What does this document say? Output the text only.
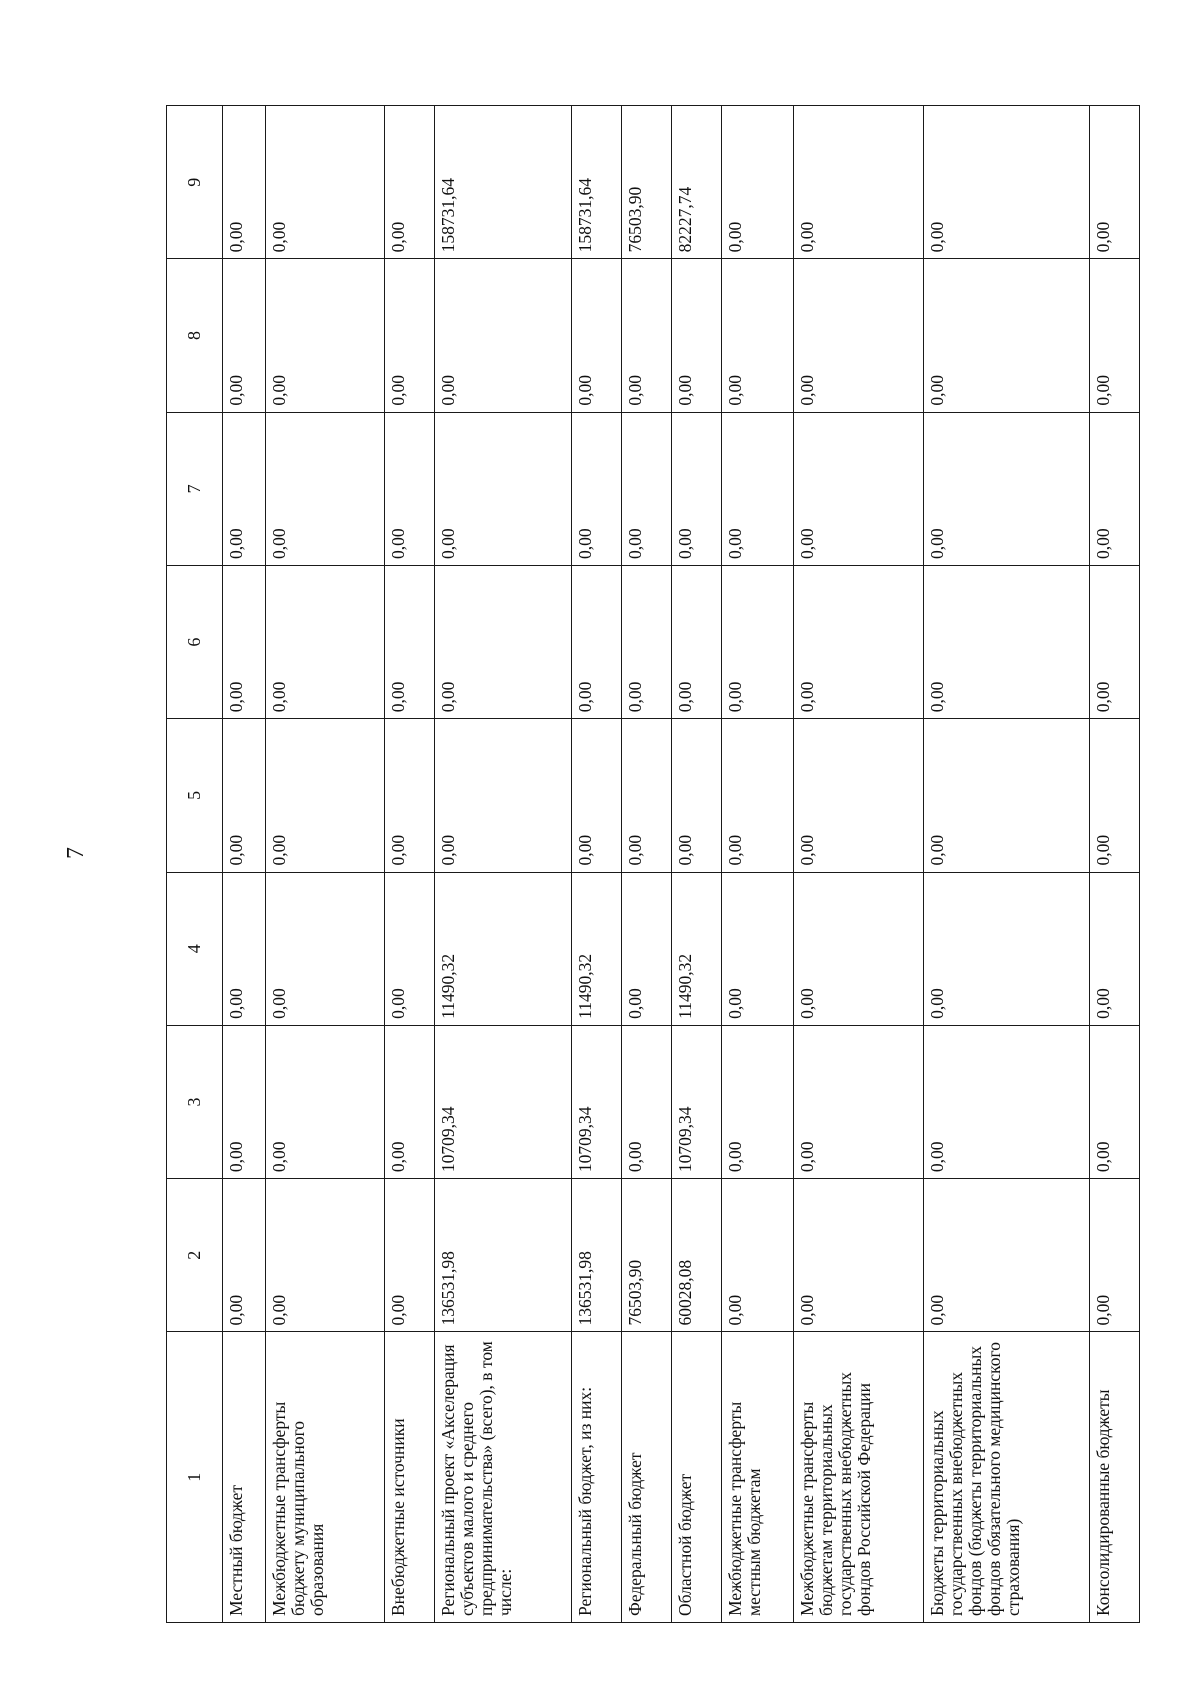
7
1	2	3	4	5	6	7	8	9
Местный бюджет	0,00	0,00	0,00	0,00	0,00	0,00	0,00	0,00
Межбюджетные трансферты бюджету муниципального образования	0,00	0,00	0,00	0,00	0,00	0,00	0,00	0,00
Внебюджетные источники	0,00	0,00	0,00	0,00	0,00	0,00	0,00	0,00
Региональный проект «Акселерация субъектов малого и среднего предпринимательства» (всего), в том числе:	136531,98	10709,34	11490,32	0,00	0,00	0,00	0,00	158731,64
Региональный бюджет, из них:	136531,98	10709,34	11490,32	0,00	0,00	0,00	0,00	158731,64
Федеральный бюджет	76503,90	0,00	0,00	0,00	0,00	0,00	0,00	76503,90
Областной бюджет	60028,08	10709,34	11490,32	0,00	0,00	0,00	0,00	82227,74
Межбюджетные трансферты местным бюджетам	0,00	0,00	0,00	0,00	0,00	0,00	0,00	0,00
Межбюджетные трансферты бюджетам территориальных государственных внебюджетных фондов Российской Федерации	0,00	0,00	0,00	0,00	0,00	0,00	0,00	0,00
Бюджеты территориальных государственных внебюджетных фондов (бюджеты территориальных фондов обязательного медицинского страхования)	0,00	0,00	0,00	0,00	0,00	0,00	0,00	0,00
Консолидированные бюджеты	0,00	0,00	0,00	0,00	0,00	0,00	0,00	0,00
